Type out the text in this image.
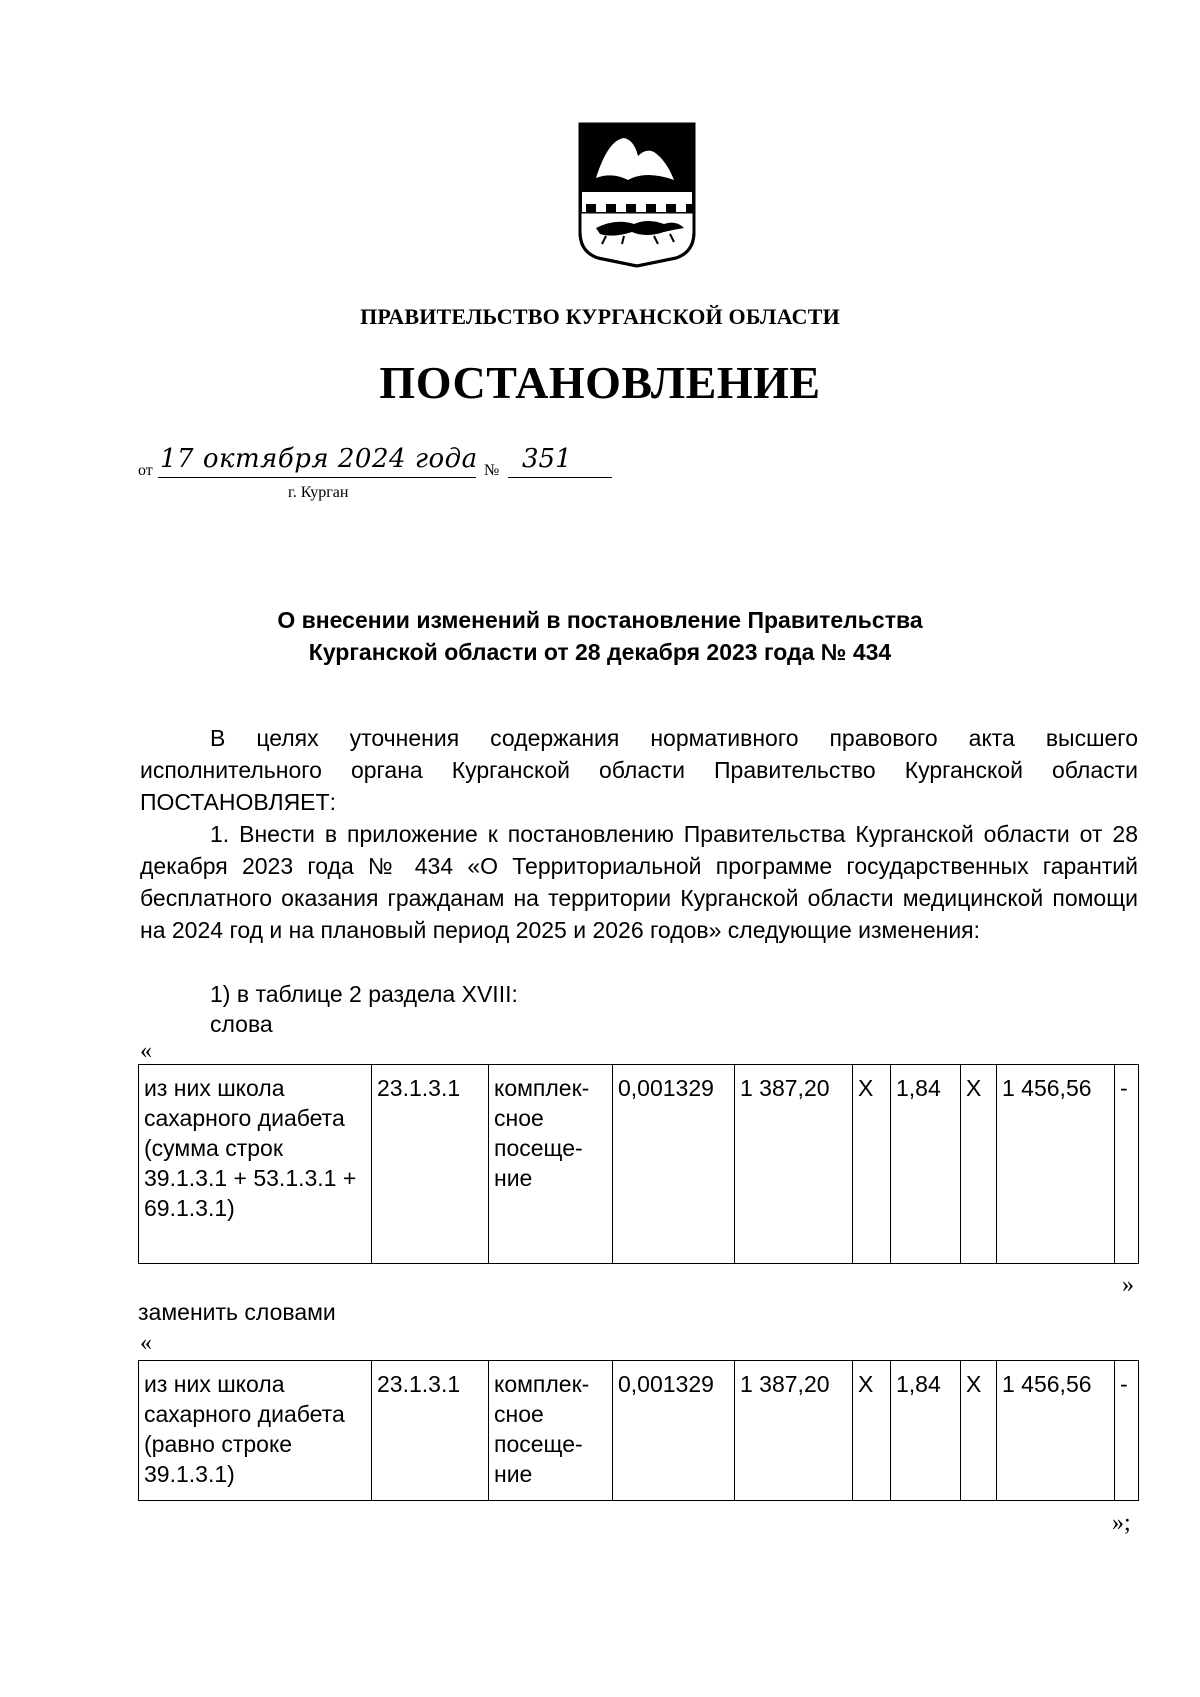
ПРАВИТЕЛЬСТВО КУРГАНСКОЙ ОБЛАСТИ
ПОСТАНОВЛЕНИЕ
от 17 октября 2024 года № 351
г. Курган
О внесении изменений в постановление Правительства
Курганской области от 28 декабря 2023 года № 434
В целях уточнения содержания нормативного правового акта высшего исполнительного органа Курганской области Правительство Курганской области ПОСТАНОВЛЯЕТ:
1. Внести в приложение к постановлению Правительства Курганской области от 28 декабря 2023 года № 434 «О Территориальной программе государственных гарантий бесплатного оказания гражданам на территории Курганской области медицинской помощи на 2024 год и на плановый период 2025 и 2026 годов» следующие изменения:
1) в таблице 2 раздела XVIII:
слова
«
из них школа сахарного диабета (сумма строк 39.1.3.1 + 53.1.3.1 + 69.1.3.1)	23.1.3.1	комплек-сное посеще-ние	0,001329	1 387,20	Х	1,84	Х	1 456,56	-
»
заменить словами
«
из них школа сахарного диабета (равно строке 39.1.3.1)	23.1.3.1	комплек-сное посеще-ние	0,001329	1 387,20	Х	1,84	Х	1 456,56	-
»;
